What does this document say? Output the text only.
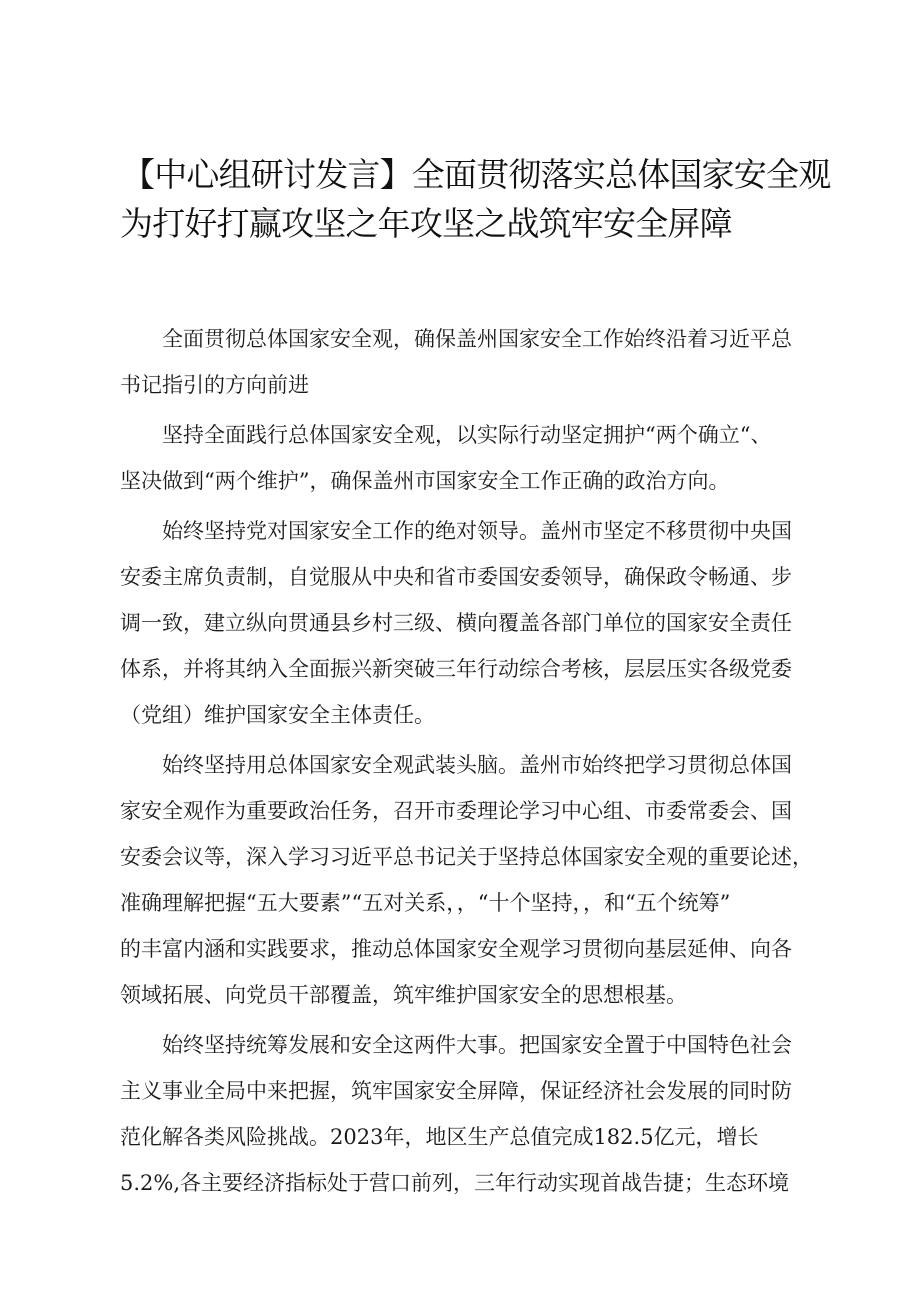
【中心组研讨发言】全面贯彻落实总体国家安全观
为打好打赢攻坚之年攻坚之战筑牢安全屏障
全面贯彻总体国家安全观，确保盖州国家安全工作始终沿着习近平总
书记指引的方向前进
坚持全面践行总体国家安全观，以实际行动坚定拥护“两个确立“、
坚决做到“两个维护”，确保盖州市国家安全工作正确的政治方向。
始终坚持党对国家安全工作的绝对领导。盖州市坚定不移贯彻中央国
安委主席负责制，自觉服从中央和省市委国安委领导，确保政令畅通、步
调一致，建立纵向贯通县乡村三级、横向覆盖各部门单位的国家安全责任
体系，并将其纳入全面振兴新突破三年行动综合考核，层层压实各级党委
（党组）维护国家安全主体责任。
始终坚持用总体国家安全观武装头脑。盖州市始终把学习贯彻总体国
家安全观作为重要政治任务，召开市委理论学习中心组、市委常委会、国
安委会议等，深入学习习近平总书记关于坚持总体国家安全观的重要论述，
准确理解把握“五大要素”“五对关系，，“十个坚持，，和“五个统筹”
的丰富内涵和实践要求，推动总体国家安全观学习贯彻向基层延伸、向各
领域拓展、向党员干部覆盖，筑牢维护国家安全的思想根基。
始终坚持统筹发展和安全这两件大事。把国家安全置于中国特色社会
主义事业全局中来把握，筑牢国家安全屏障，保证经济社会发展的同时防
范化解各类风险挑战。2023年，地区生产总值完成182.5亿元，增长
5.2%,各主要经济指标处于营口前列，三年行动实现首战告捷；生态环境
